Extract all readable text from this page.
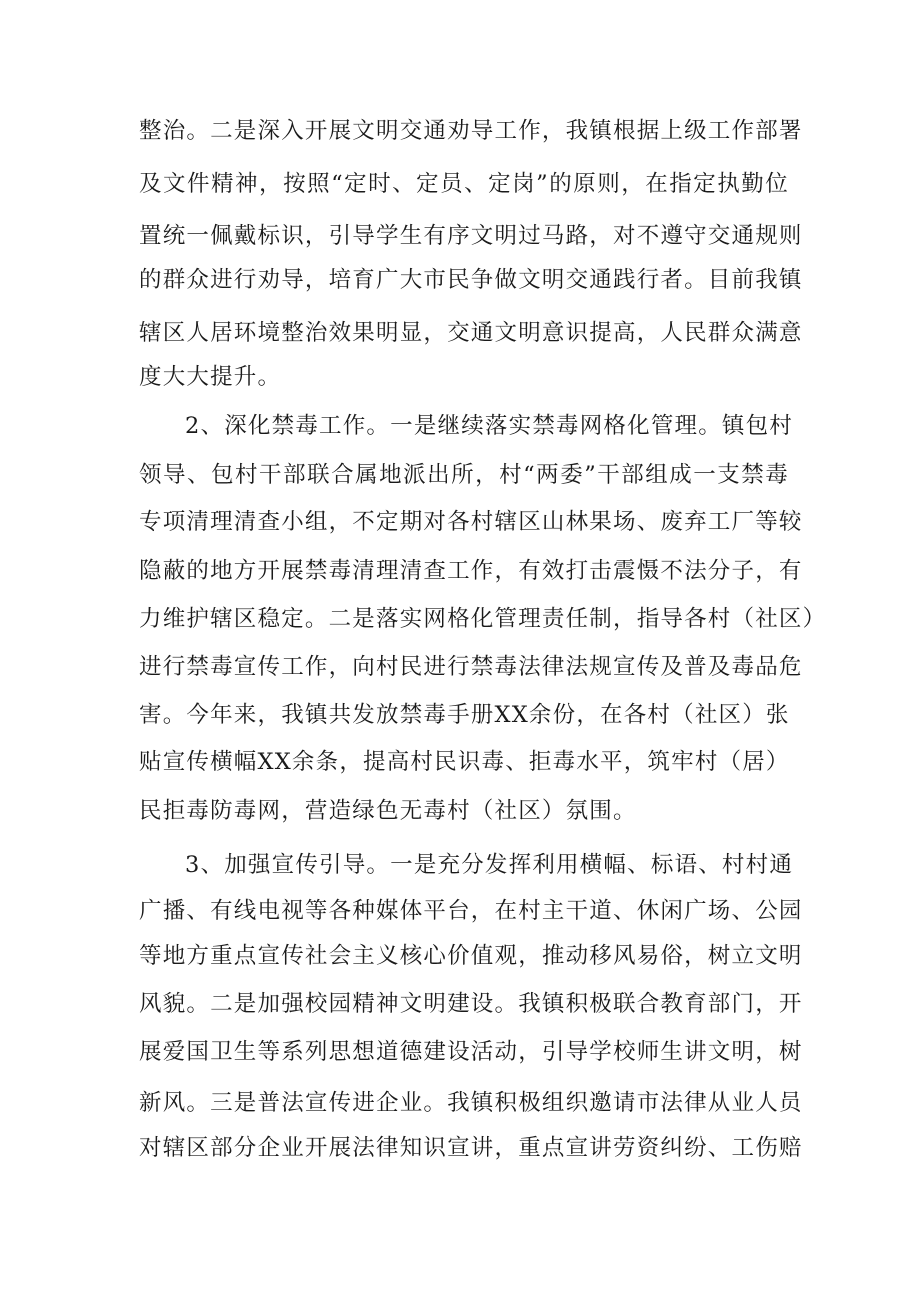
整治。二是深入开展文明交通劝导工作，我镇根据上级工作部署
及文件精神，按照“定时、定员、定岗”的原则，在指定执勤位
置统一佩戴标识，引导学生有序文明过马路，对不遵守交通规则
的群众进行劝导，培育广大市民争做文明交通践行者。目前我镇
辖区人居环境整治效果明显，交通文明意识提高，人民群众满意
度大大提升。
2、深化禁毒工作。一是继续落实禁毒网格化管理。镇包村
领导、包村干部联合属地派出所，村“两委”干部组成一支禁毒
专项清理清查小组，不定期对各村辖区山林果场、废弃工厂等较
隐蔽的地方开展禁毒清理清查工作，有效打击震慑不法分子，有
力维护辖区稳定。二是落实网格化管理责任制，指导各村（社区）
进行禁毒宣传工作，向村民进行禁毒法律法规宣传及普及毒品危
害。今年来，我镇共发放禁毒手册XX余份，在各村（社区）张
贴宣传横幅XX余条，提高村民识毒、拒毒水平，筑牢村（居）
民拒毒防毒网，营造绿色无毒村（社区）氛围。
3、加强宣传引导。一是充分发挥利用横幅、标语、村村通
广播、有线电视等各种媒体平台，在村主干道、休闲广场、公园
等地方重点宣传社会主义核心价值观，推动移风易俗，树立文明
风貌。二是加强校园精神文明建设。我镇积极联合教育部门，开
展爱国卫生等系列思想道德建设活动，引导学校师生讲文明，树
新风。三是普法宣传进企业。我镇积极组织邀请市法律从业人员
对辖区部分企业开展法律知识宣讲，重点宣讲劳资纠纷、工伤赔
